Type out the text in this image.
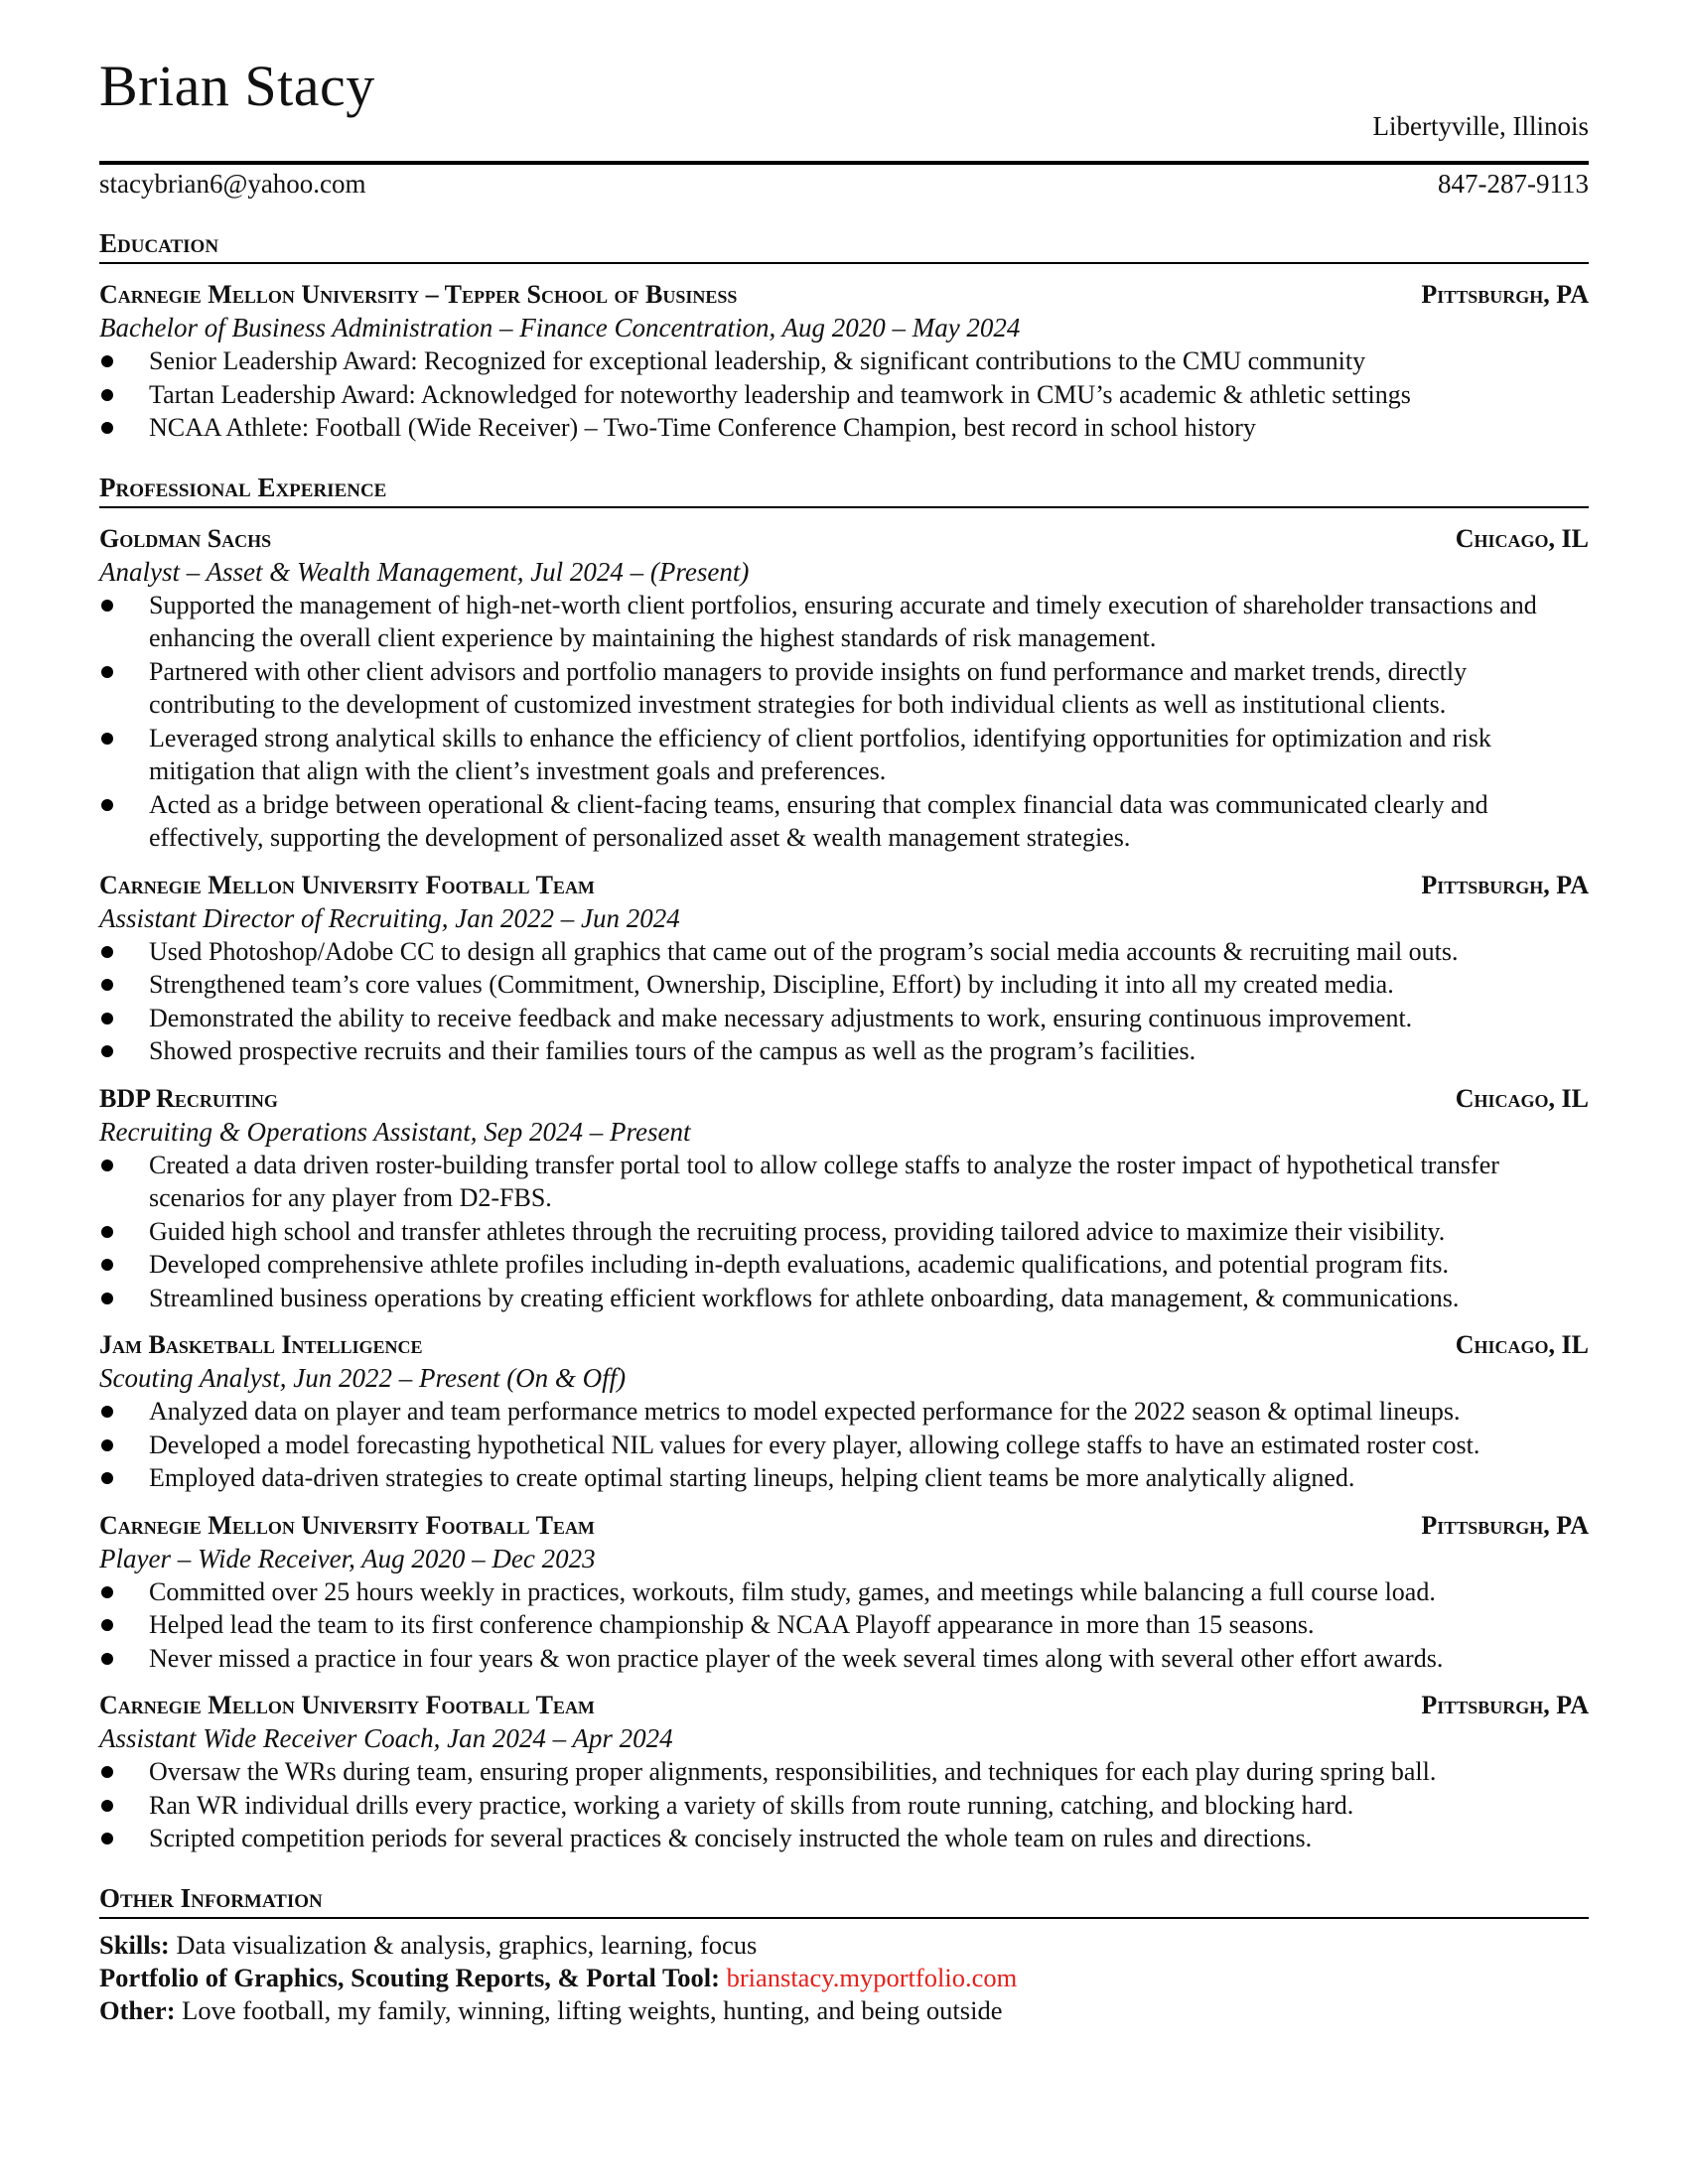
Brian Stacy
Libertyville, Illinois
stacybrian6@yahoo.com	847-287-9113
Education
Carnegie Mellon University – Tepper School of Business	Pittsburgh, PA
Bachelor of Business Administration – Finance Concentration, Aug 2020 – May 2024
Senior Leadership Award: Recognized for exceptional leadership, & significant contributions to the CMU community
Tartan Leadership Award: Acknowledged for noteworthy leadership and teamwork in CMU’s academic & athletic settings
NCAA Athlete: Football (Wide Receiver) – Two-Time Conference Champion, best record in school history
Professional Experience
Goldman Sachs	Chicago, IL
Analyst – Asset & Wealth Management, Jul 2024 – (Present)
Supported the management of high-net-worth client portfolios, ensuring accurate and timely execution of shareholder transactions and enhancing the overall client experience by maintaining the highest standards of risk management.
Partnered with other client advisors and portfolio managers to provide insights on fund performance and market trends, directly contributing to the development of customized investment strategies for both individual clients as well as institutional clients.
Leveraged strong analytical skills to enhance the efficiency of client portfolios, identifying opportunities for optimization and risk mitigation that align with the client’s investment goals and preferences.
Acted as a bridge between operational & client-facing teams, ensuring that complex financial data was communicated clearly and effectively, supporting the development of personalized asset & wealth management strategies.
Carnegie Mellon University Football Team	Pittsburgh, PA
Assistant Director of Recruiting, Jan 2022 – Jun 2024
Used Photoshop/Adobe CC to design all graphics that came out of the program’s social media accounts & recruiting mail outs.
Strengthened team’s core values (Commitment, Ownership, Discipline, Effort) by including it into all my created media.
Demonstrated the ability to receive feedback and make necessary adjustments to work, ensuring continuous improvement.
Showed prospective recruits and their families tours of the campus as well as the program’s facilities.
BDP Recruiting	Chicago, IL
Recruiting & Operations Assistant, Sep 2024 – Present
Created a data driven roster-building transfer portal tool to allow college staffs to analyze the roster impact of hypothetical transfer scenarios for any player from D2-FBS.
Guided high school and transfer athletes through the recruiting process, providing tailored advice to maximize their visibility.
Developed comprehensive athlete profiles including in-depth evaluations, academic qualifications, and potential program fits.
Streamlined business operations by creating efficient workflows for athlete onboarding, data management, & communications.
Jam Basketball Intelligence	Chicago, IL
Scouting Analyst, Jun 2022 – Present (On & Off)
Analyzed data on player and team performance metrics to model expected performance for the 2022 season & optimal lineups.
Developed a model forecasting hypothetical NIL values for every player, allowing college staffs to have an estimated roster cost.
Employed data-driven strategies to create optimal starting lineups, helping client teams be more analytically aligned.
Carnegie Mellon University Football Team	Pittsburgh, PA
Player – Wide Receiver, Aug 2020 – Dec 2023
Committed over 25 hours weekly in practices, workouts, film study, games, and meetings while balancing a full course load.
Helped lead the team to its first conference championship & NCAA Playoff appearance in more than 15 seasons.
Never missed a practice in four years & won practice player of the week several times along with several other effort awards.
Carnegie Mellon University Football Team	Pittsburgh, PA
Assistant Wide Receiver Coach, Jan 2024 – Apr 2024
Oversaw the WRs during team, ensuring proper alignments, responsibilities, and techniques for each play during spring ball.
Ran WR individual drills every practice, working a variety of skills from route running, catching, and blocking hard.
Scripted competition periods for several practices & concisely instructed the whole team on rules and directions.
Other Information
Skills: Data visualization & analysis, graphics, learning, focus
Portfolio of Graphics, Scouting Reports, & Portal Tool: brianstacy.myportfolio.com
Other: Love football, my family, winning, lifting weights, hunting, and being outside
